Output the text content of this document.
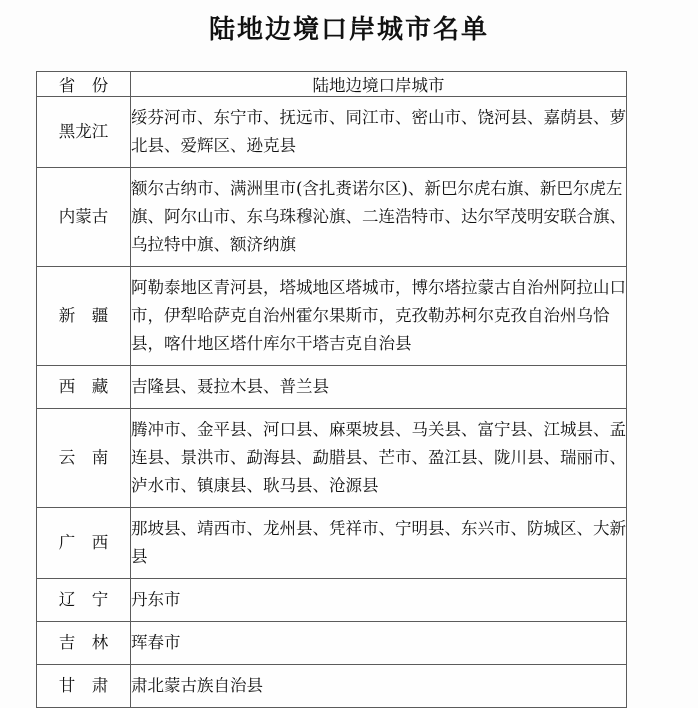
陆地边境口岸城市名单
省　份	陆地边境口岸城市
黑龙江	绥芬河市、东宁市、抚远市、同江市、密山市、饶河县、嘉荫县、萝北县、爱辉区、逊克县
内蒙古	额尔古纳市、满洲里市(含扎赉诺尔区)、新巴尔虎右旗、新巴尔虎左旗、阿尔山市、东乌珠穆沁旗、二连浩特市、达尔罕茂明安联合旗、乌拉特中旗、额济纳旗
新　疆	阿勒泰地区青河县，塔城地区塔城市，博尔塔拉蒙古自治州阿拉山口市，伊犁哈萨克自治州霍尔果斯市，克孜勒苏柯尔克孜自治州乌恰县，喀什地区塔什库尔干塔吉克自治县
西　藏	吉隆县、聂拉木县、普兰县
云　南	腾冲市、金平县、河口县、麻栗坡县、马关县、富宁县、江城县、孟连县、景洪市、勐海县、勐腊县、芒市、盈江县、陇川县、瑞丽市、泸水市、镇康县、耿马县、沧源县
广　西	那坡县、靖西市、龙州县、凭祥市、宁明县、东兴市、防城区、大新县
辽　宁	丹东市
吉　林	珲春市
甘　肃	肃北蒙古族自治县
